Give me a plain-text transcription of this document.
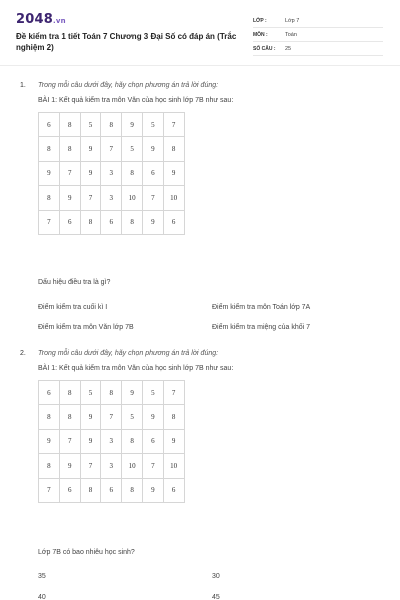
2048.vn
Đề kiểm tra 1 tiết Toán 7 Chương 3 Đại Số có đáp án (Trắc nghiệm 2)
LỚP :	Lớp 7
MÔN :	Toán
SỐ CÂU :	25
1. Trong mỗi câu dưới đây, hãy chọn phương án trả lời đúng:
BÀI 1: Kết quả kiểm tra môn Văn của học sinh lớp 7B như sau:
6	8	5	8	9	5	7
8	8	9	7	5	9	8
9	7	9	3	8	6	9
8	9	7	3	10	7	10
7	6	8	6	8	9	6
Dấu hiệu điều tra là gì?
Điểm kiểm tra cuối kì I	Điểm kiểm tra môn Toán lớp 7A
Điểm kiểm tra môn Văn lớp 7B	Điểm kiểm tra miệng của khối 7
2. Trong mỗi câu dưới đây, hãy chọn phương án trả lời đúng:
BÀI 1: Kết quả kiểm tra môn Văn của học sinh lớp 7B như sau:
6	8	5	8	9	5	7
8	8	9	7	5	9	8
9	7	9	3	8	6	9
8	9	7	3	10	7	10
7	6	8	6	8	9	6
Lớp 7B có bao nhiêu học sinh?
35	30
40	45
